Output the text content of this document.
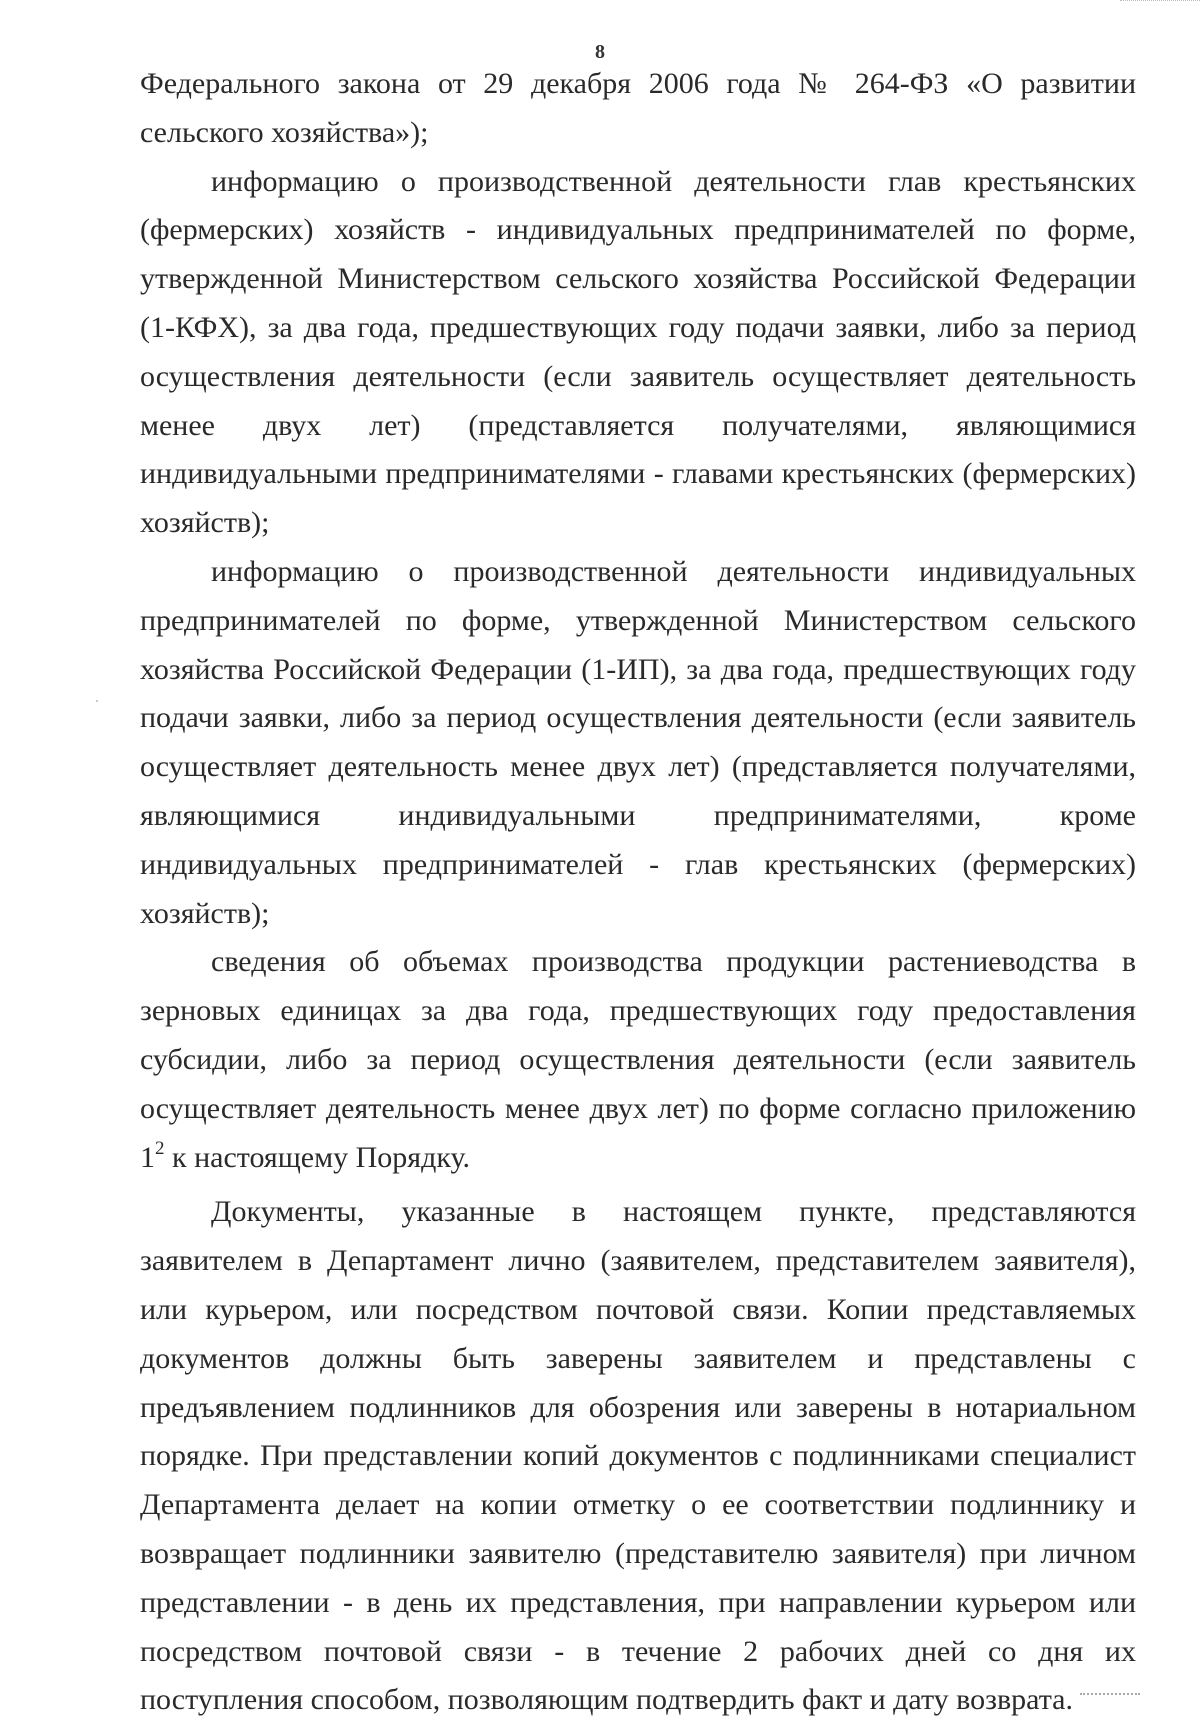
8

Федерального закона от 29 декабря 2006 года № 264-ФЗ «О развитии сельского хозяйства»);

информацию о производственной деятельности глав крестьянских (фермерских) хозяйств - индивидуальных предпринимателей по форме, утвержденной Министерством сельского хозяйства Российской Федерации (1-КФХ), за два года, предшествующих году подачи заявки, либо за период осуществления деятельности (если заявитель осуществляет деятельность менее двух лет) (представляется получателями, являющимися индивидуальными предпринимателями - главами крестьянских (фермерских) хозяйств);

информацию о производственной деятельности индивидуальных предпринимателей по форме, утвержденной Министерством сельского хозяйства Российской Федерации (1-ИП), за два года, предшествующих году подачи заявки, либо за период осуществления деятельности (если заявитель осуществляет деятельность менее двух лет) (представляется получателями, являющимися индивидуальными предпринимателями, кроме индивидуальных предпринимателей - глав крестьянских (фермерских) хозяйств);

сведения об объемах производства продукции растениеводства в зерновых единицах за два года, предшествующих году предоставления субсидии, либо за период осуществления деятельности (если заявитель осуществляет деятельность менее двух лет) по форме согласно приложению $1^2$ к настоящему Порядку.

Документы, указанные в настоящем пункте, представляются заявителем в Департамент лично (заявителем, представителем заявителя), или курьером, или посредством почтовой связи. Копии представляемых документов должны быть заверены заявителем и представлены с предъявлением подлинников для обозрения или заверены в нотариальном порядке. При представлении копий документов с подлинниками специалист Департамента делает на копии отметку о ее соответствии подлиннику и возвращает подлинники заявителю (представителю заявителя) при личном представлении - в день их представления, при направлении курьером или посредством почтовой связи - в течение 2 рабочих дней со дня их поступления способом, позволяющим подтвердить факт и дату возврата.
